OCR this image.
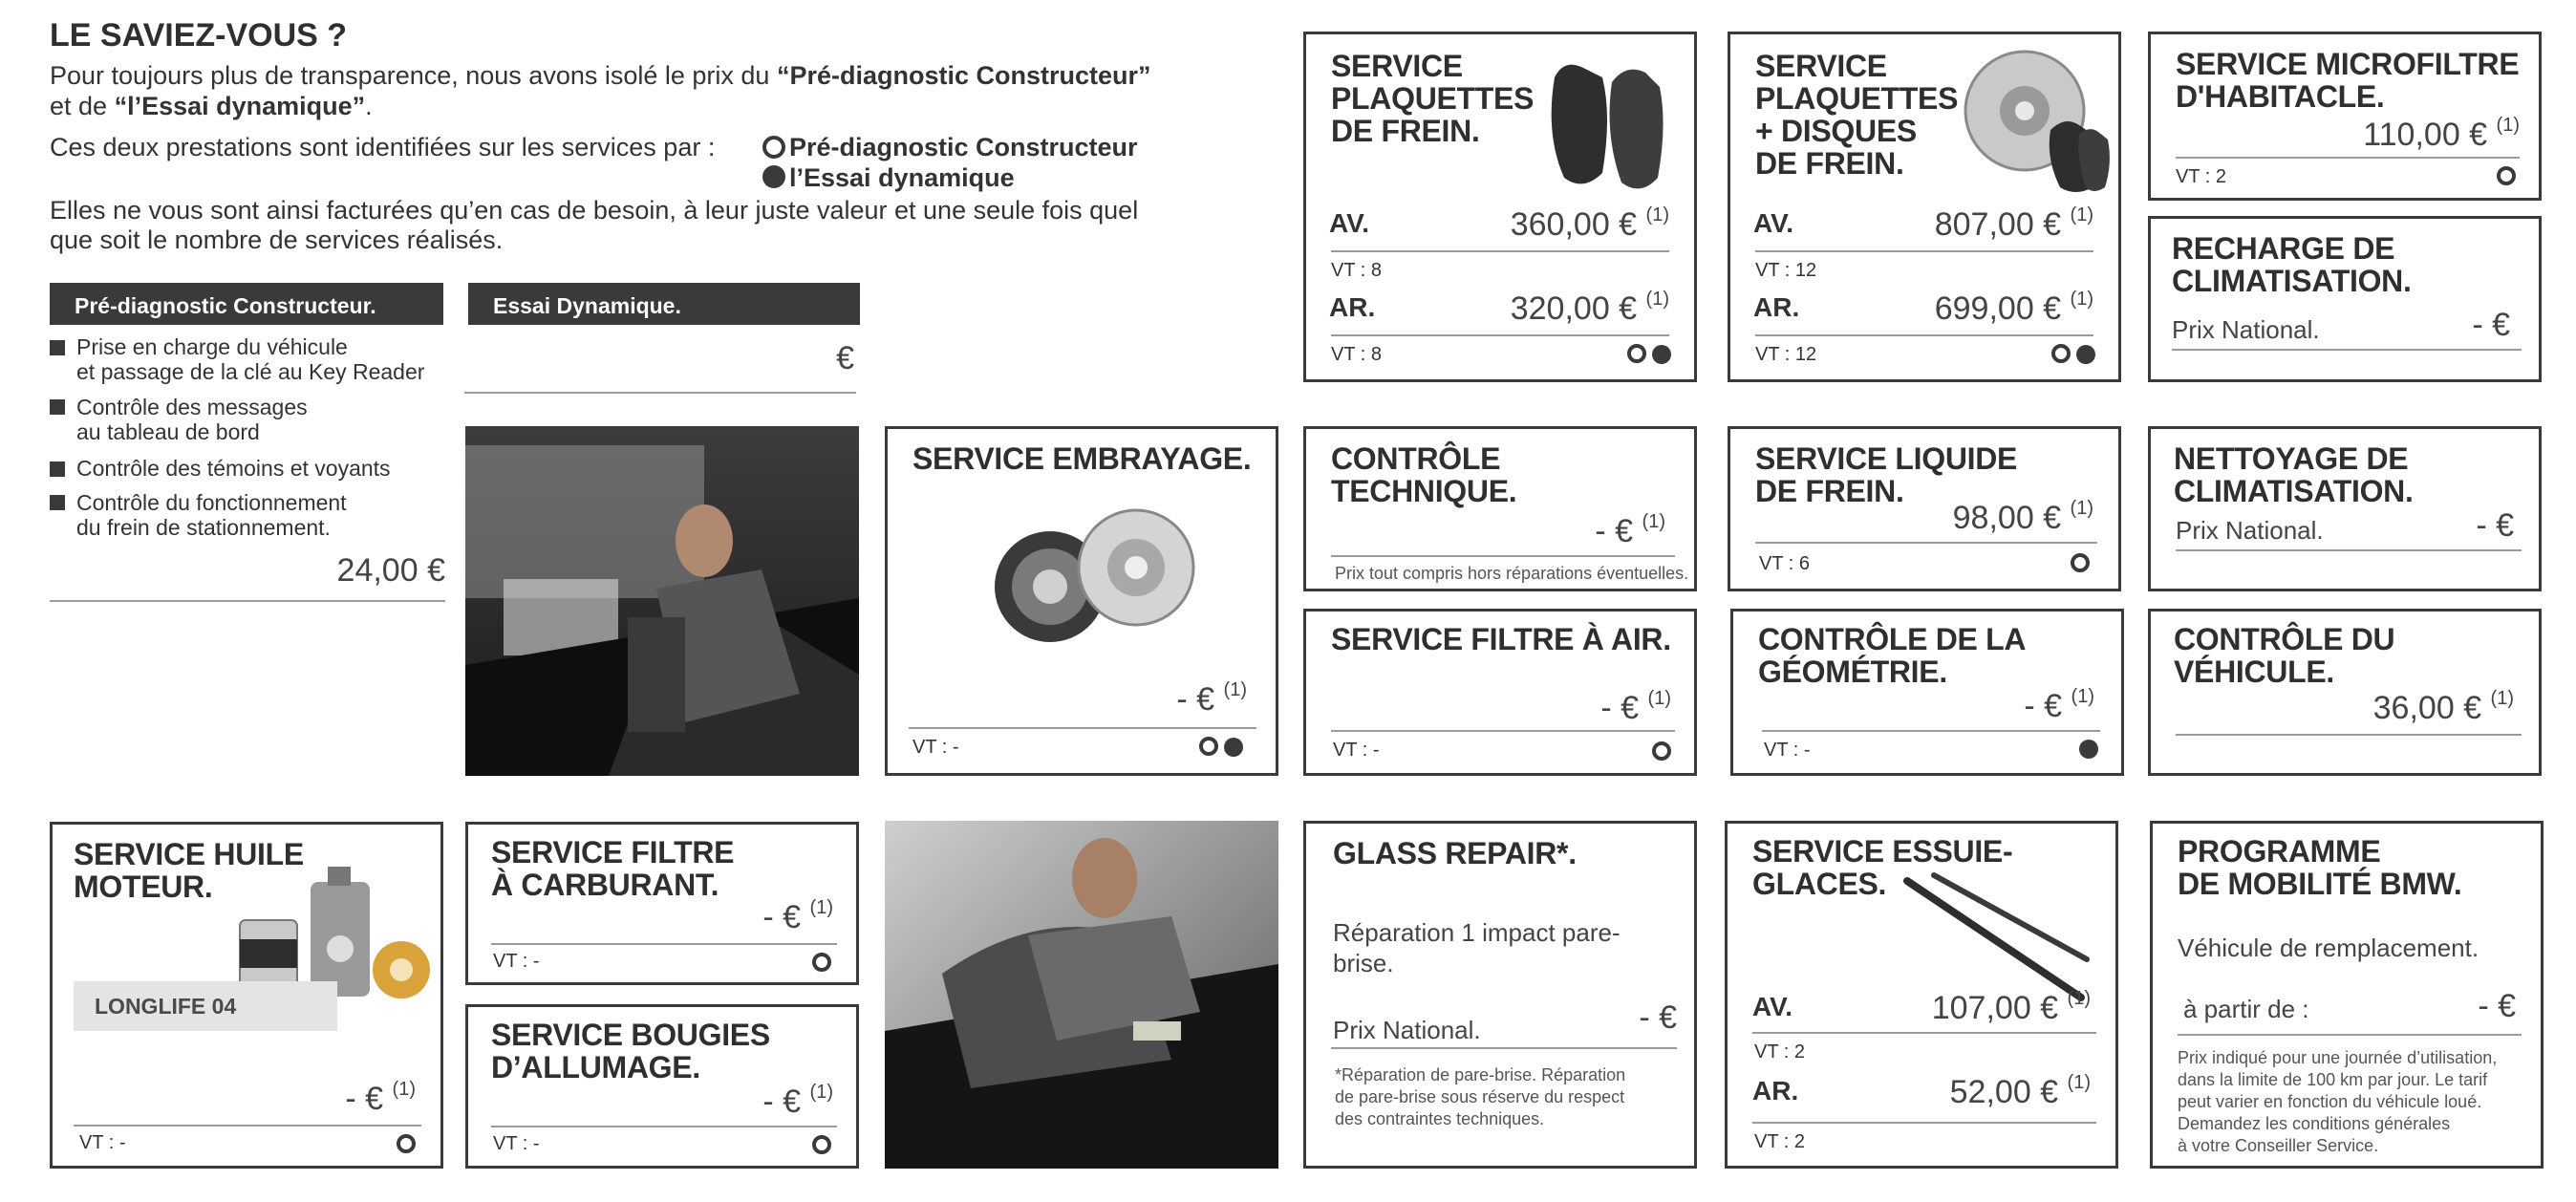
LE SAVIEZ-VOUS ?
Pour toujours plus de transparence, nous avons isolé le prix du “Pré-diagnostic Constructeur”
et de “l’Essai dynamique”.
Ces deux prestations sont identifiées sur les services par :	Pré-diagnostic Constructeur
l’Essai dynamique
Elles ne vous sont ainsi facturées qu’en cas de besoin, à leur juste valeur et une seule fois quel
que soit le nombre de services réalisés.
Pré-diagnostic Constructeur.
Prise en charge du véhicule
et passage de la clé au Key Reader
Contrôle des messages
au tableau de bord
Contrôle des témoins et voyants
Contrôle du fonctionnement
du frein de stationnement.
24,00 €
Essai Dynamique.
€
SERVICE
PLAQUETTES
DE FREIN.
AV.	360,00 € $^{(1)}$
VT : 8
AR.	320,00 € $^{(1)}$
VT : 8
SERVICE
PLAQUETTES
+ DISQUES
DE FREIN.
AV.	807,00 € $^{(1)}$
VT : 12
AR.	699,00 € $^{(1)}$
VT : 12
SERVICE MICROFILTRE
D'HABITACLE.
110,00 € $^{(1)}$
VT : 2
RECHARGE DE
CLIMATISATION.
Prix National.	- €
SERVICE EMBRAYAGE.
- € $^{(1)}$
VT : -
CONTRÔLE
TECHNIQUE.
- € $^{(1)}$
Prix tout compris hors réparations éventuelles.
SERVICE LIQUIDE
DE FREIN.
98,00 € $^{(1)}$
VT : 6
NETTOYAGE DE
CLIMATISATION.
Prix National.	- €
SERVICE FILTRE À AIR.
- € $^{(1)}$
VT : -
CONTRÔLE DE LA
GÉOMÉTRIE.
- € $^{(1)}$
VT : -
CONTRÔLE DU
VÉHICULE.
36,00 € $^{(1)}$
SERVICE HUILE
MOTEUR.
LONGLIFE 04
- € $^{(1)}$
VT : -
SERVICE FILTRE
À CARBURANT.
- € $^{(1)}$
VT : -
SERVICE BOUGIES
D’ALLUMAGE.
- € $^{(1)}$
VT : -
GLASS REPAIR*.
Réparation 1 impact pare-
brise.
Prix National.	- €
*Réparation de pare-brise. Réparation
de pare-brise sous réserve du respect
des contraintes techniques.
SERVICE ESSUIE-
GLACES.
AV.	107,00 € $^{(1)}$
VT : 2
AR.	52,00 € $^{(1)}$
VT : 2
PROGRAMME
DE MOBILITÉ BMW.
Véhicule de remplacement.
à partir de :	- €
Prix indiqué pour une journée d’utilisation,
dans la limite de 100 km par jour. Le tarif
peut varier en fonction du véhicule loué.
Demandez les conditions générales
à votre Conseiller Service.
